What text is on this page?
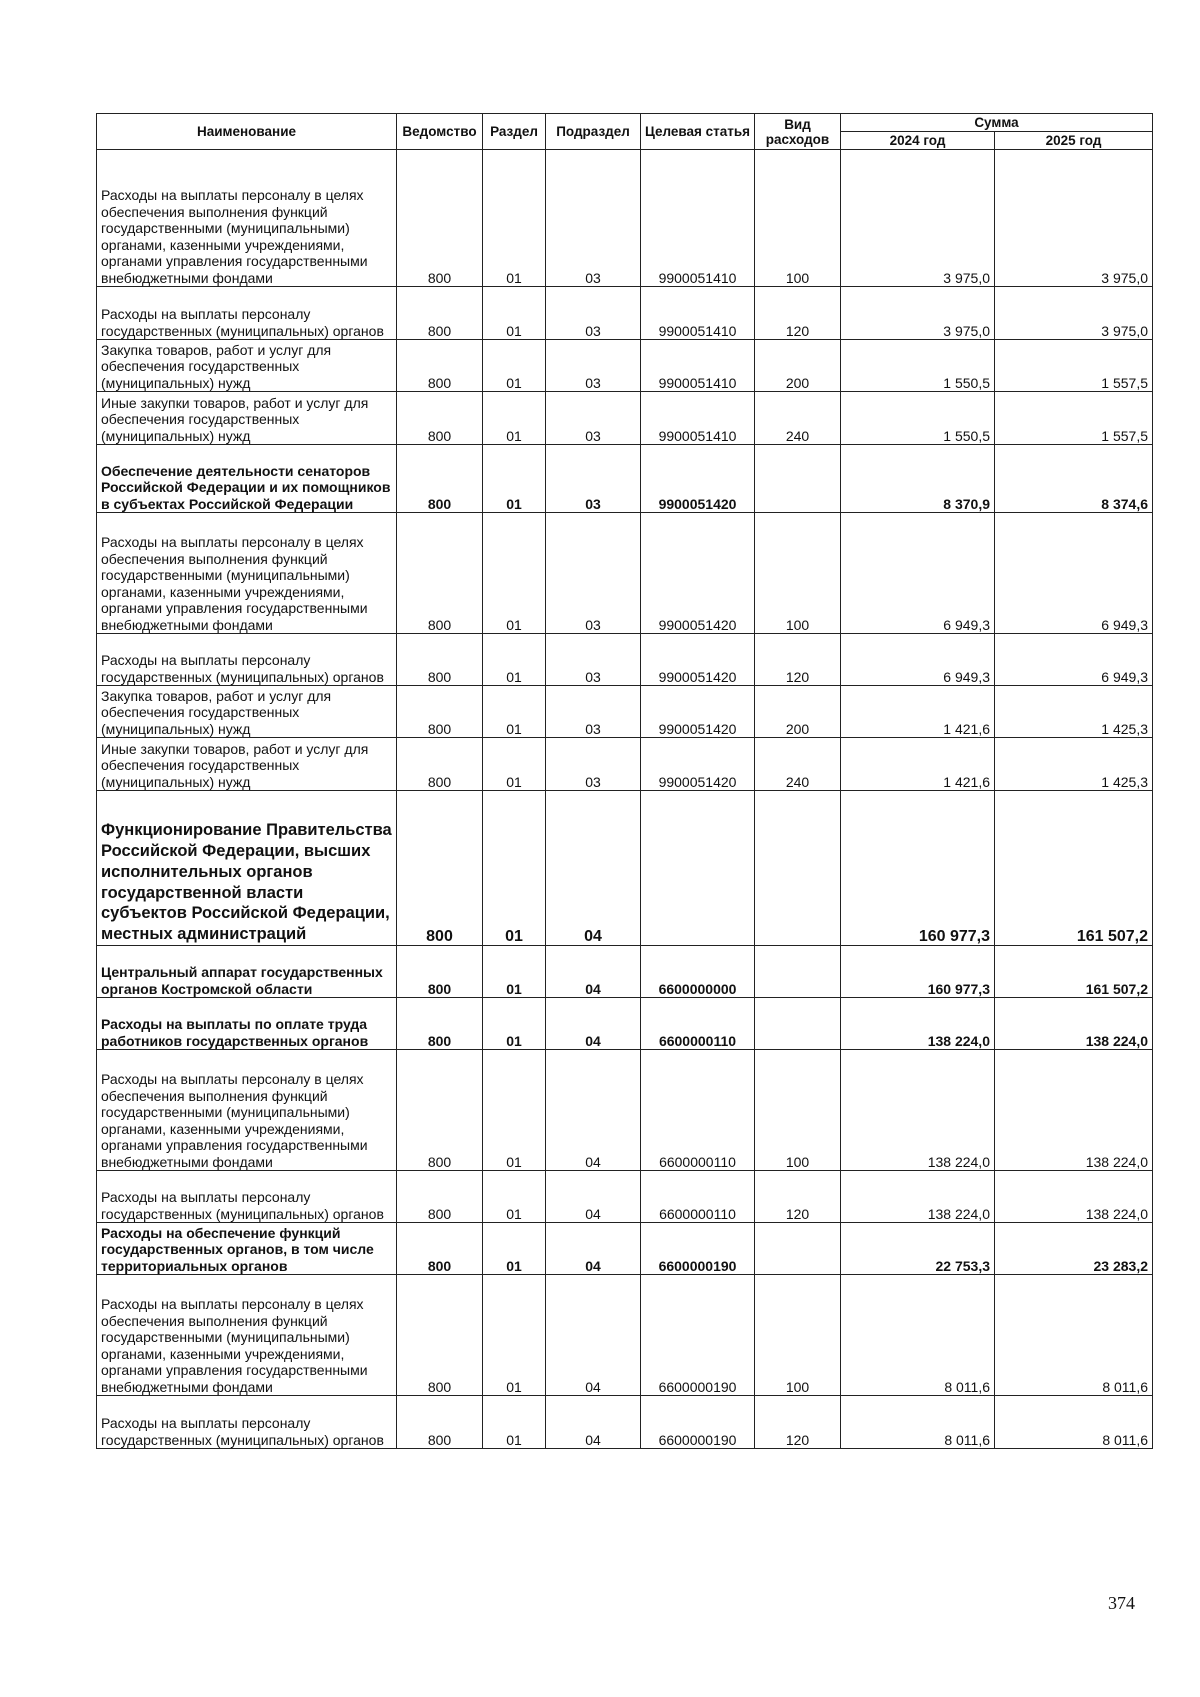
Наименование	Ведомство	Раздел	Подраздел	Целевая статья	Вид расходов	Сумма	
						2024 год	2025 год
Расходы на выплаты персоналу в целях обеспечения выполнения функций государственными (муниципальными) органами, казенными учреждениями, органами управления государственными внебюджетными фондами	800	01	03	9900051410	100	3 975,0	3 975,0
Расходы на выплаты персоналу государственных (муниципальных) органов	800	01	03	9900051410	120	3 975,0	3 975,0
Закупка товаров, работ и услуг для обеспечения государственных (муниципальных) нужд	800	01	03	9900051410	200	1 550,5	1 557,5
Иные закупки товаров, работ и услуг для обеспечения государственных (муниципальных) нужд	800	01	03	9900051410	240	1 550,5	1 557,5
Обеспечение деятельности сенаторов Российской Федерации и их помощников в субъектах Российской Федерации	800	01	03	9900051420		8 370,9	8 374,6
Расходы на выплаты персоналу в целях обеспечения выполнения функций государственными (муниципальными) органами, казенными учреждениями, органами управления государственными внебюджетными фондами	800	01	03	9900051420	100	6 949,3	6 949,3
Расходы на выплаты персоналу государственных (муниципальных) органов	800	01	03	9900051420	120	6 949,3	6 949,3
Закупка товаров, работ и услуг для обеспечения государственных (муниципальных) нужд	800	01	03	9900051420	200	1 421,6	1 425,3
Иные закупки товаров, работ и услуг для обеспечения государственных (муниципальных) нужд	800	01	03	9900051420	240	1 421,6	1 425,3
Функционирование Правительства Российской Федерации, высших исполнительных органов государственной власти субъектов Российской Федерации, местных администраций	800	01	04			160 977,3	161 507,2
Центральный аппарат государственных органов Костромской области	800	01	04	6600000000		160 977,3	161 507,2
Расходы на выплаты по оплате труда работников государственных органов	800	01	04	6600000110		138 224,0	138 224,0
Расходы на выплаты персоналу в целях обеспечения выполнения функций государственными (муниципальными) органами, казенными учреждениями, органами управления государственными внебюджетными фондами	800	01	04	6600000110	100	138 224,0	138 224,0
Расходы на выплаты персоналу государственных (муниципальных) органов	800	01	04	6600000110	120	138 224,0	138 224,0
Расходы на обеспечение функций государственных органов, в том числе территориальных органов	800	01	04	6600000190		22 753,3	23 283,2
Расходы на выплаты персоналу в целях обеспечения выполнения функций государственными (муниципальными) органами, казенными учреждениями, органами управления государственными внебюджетными фондами	800	01	04	6600000190	100	8 011,6	8 011,6
Расходы на выплаты персоналу государственных (муниципальных) органов	800	01	04	6600000190	120	8 011,6	8 011,6
374
